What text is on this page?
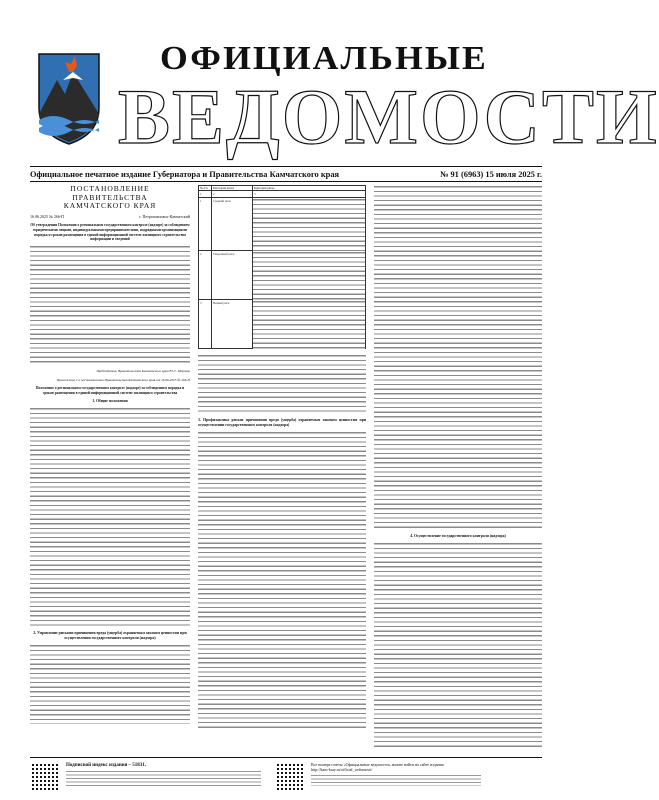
ОФИЦИАЛЬНЫЕ
ВЕДОМОСТИ
Официальное печатное издание Губернатора и Правительства Камчатского края	№ 91 (6963) 15 июля 2025 г.
ПОСТАНОВЛЕНИЕ
ПРАВИТЕЛЬСТВА
КАМЧАТСКОГО КРАЯ
16.06.2025 № 266-П	г. Петропавловск-Камчатский
Об утверждении Положения о региональном государственном контроле (надзоре) за соблюдением юридическими лицами, индивидуальными предпринимателями, подрядными организациями порядка и сроков размещения в единой информационной системе жилищного строительства информации и сведений
Председатель Правительства Камчатского края Ю.С. Морозов
Приложение 1 к постановлению Правительства Камчатского края от 16.06.2025 № 266-П
Положение о региональном государственном контроле (надзоре) за соблюдением порядка и сроков размещения в единой информационной системе жилищного строительства
1. Общие положения
2. Управление рисками причинения вреда (ущерба) охраняемым законом ценностям при осуществлении государственного контроля (надзора)
№ п/п	Категория риска	Критерии риска
1	2	3
1	Средний риск
2	Умеренный риск
3	Низкий риск
3. Профилактика рисков причинения вреда (ущерба) охраняемым законом ценностям при осуществлении государственного контроля (надзора)
4. Осуществление государственного контроля (надзора)
Подписной индекс издания – 51831.	Все номера газеты «Официальные ведомости» можно найти на сайте издания
http://kam-kray.ru/official_vedomosti/
